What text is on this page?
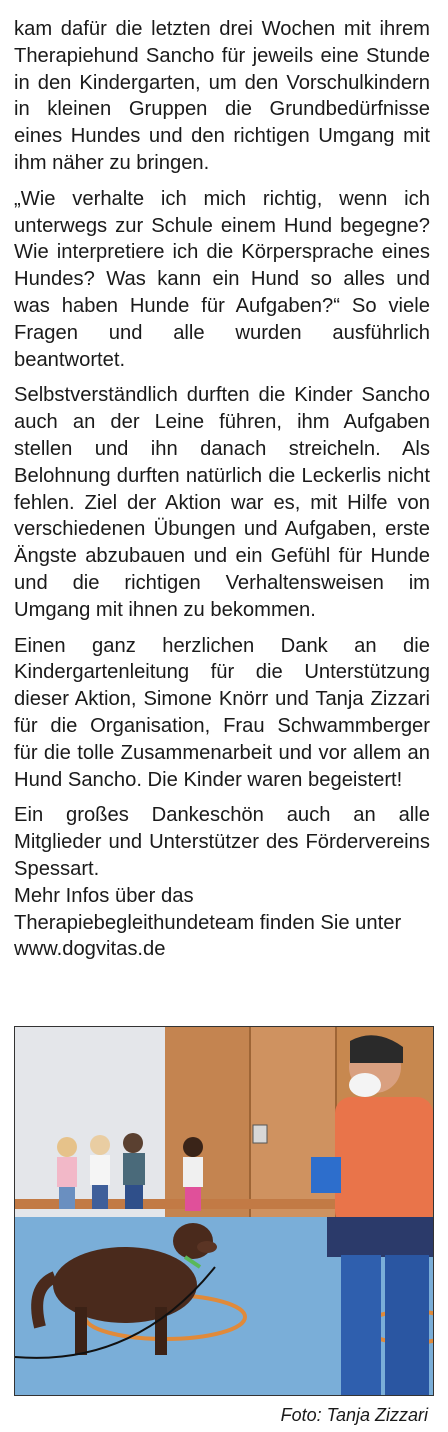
kam dafür die letzten drei Wochen mit ihrem Therapiehund Sancho für jeweils eine Stunde in den Kindergarten, um den Vorschulkindern in kleinen Gruppen die Grundbedürfnisse eines Hundes und den richtigen Umgang mit ihm näher zu bringen.

„Wie verhalte ich mich richtig, wenn ich unterwegs zur Schule einem Hund begegne? Wie interpretiere ich die Körpersprache eines Hundes? Was kann ein Hund so alles und was haben Hunde für Aufgaben?“ So viele Fragen und alle wurden ausführlich beantwortet.

Selbstverständlich durften die Kinder Sancho auch an der Leine führen, ihm Aufgaben stellen und ihn danach streicheln. Als Belohnung durften natürlich die Leckerlis nicht fehlen. Ziel der Aktion war es, mit Hilfe von verschiedenen Übungen und Aufgaben, erste Ängste abzubauen und ein Gefühl für Hunde und die richtigen Verhaltensweisen im Umgang mit ihnen zu bekommen.

Einen ganz herzlichen Dank an die Kindergartenleitung für die Unterstützung dieser Aktion, Simone Knörr und Tanja Zizzari für die Organisation, Frau Schwammberger für die tolle Zusammenarbeit und vor allem an Hund Sancho. Die Kinder waren begeistert!

Ein großes Dankeschön auch an alle Mitglieder und Unterstützer des Fördervereins Spessart.

Mehr Infos über das Therapiebegleithundeteam finden Sie unter www.dogvitas.de

Foto: Tanja Zizzari
